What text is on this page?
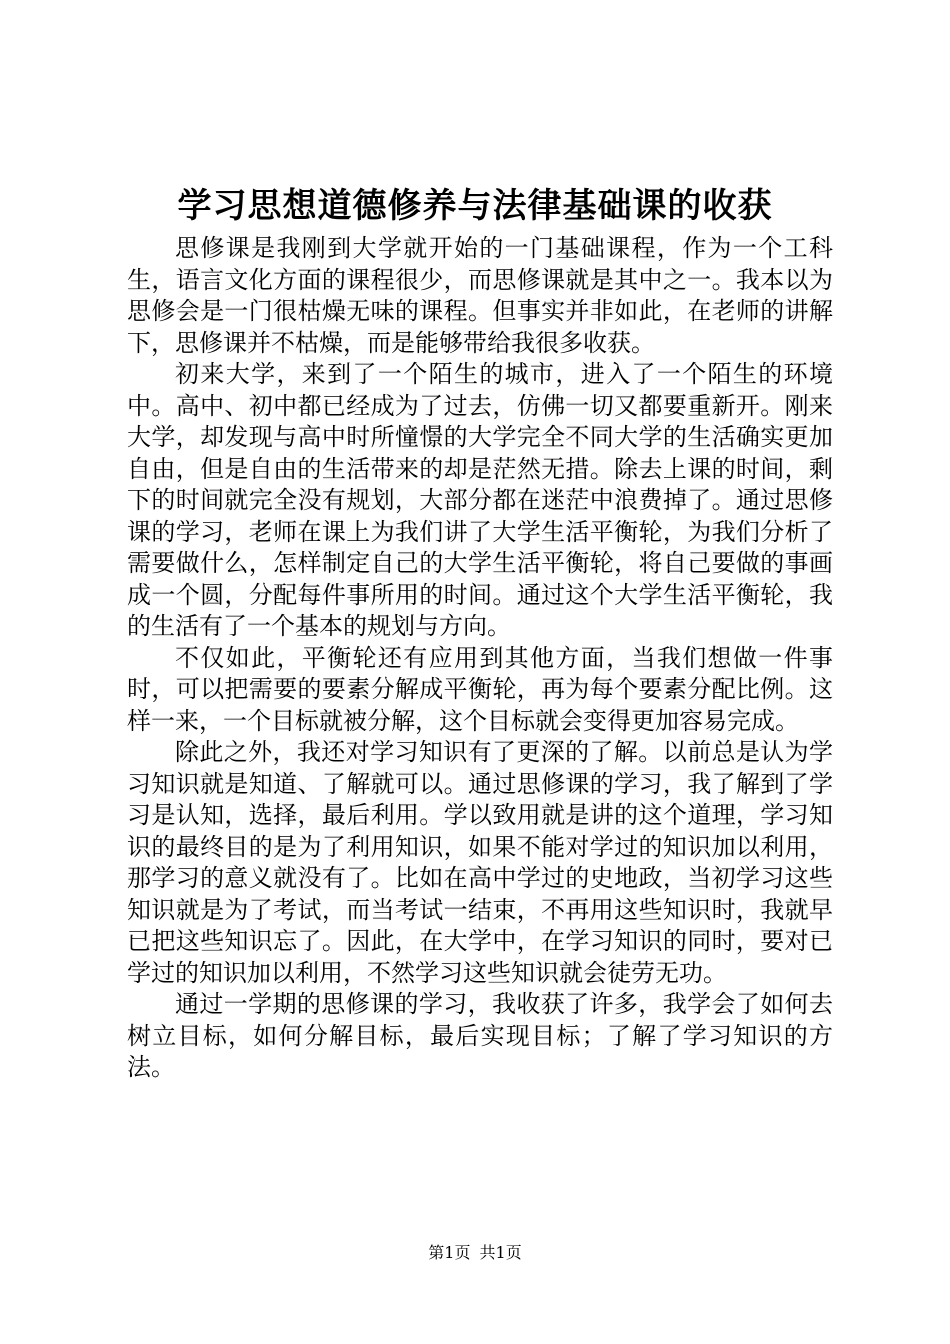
学习思想道德修养与法律基础课的收获

思修课是我刚到大学就开始的一门基础课程，作为一个工科生，语言文化方面的课程很少，而思修课就是其中之一。我本以为思修会是一门很枯燥无味的课程。但事实并非如此，在老师的讲解下，思修课并不枯燥，而是能够带给我很多收获。

初来大学，来到了一个陌生的城市，进入了一个陌生的环境中。高中、初中都已经成为了过去，仿佛一切又都要重新开。刚来大学，却发现与高中时所憧憬的大学完全不同大学的生活确实更加自由，但是自由的生活带来的却是茫然无措。除去上课的时间，剩下的时间就完全没有规划，大部分都在迷茫中浪费掉了。通过思修课的学习，老师在课上为我们讲了大学生活平衡轮，为我们分析了需要做什么，怎样制定自己的大学生活平衡轮，将自己要做的事画成一个圆，分配每件事所用的时间。通过这个大学生活平衡轮，我的生活有了一个基本的规划与方向。

不仅如此，平衡轮还有应用到其他方面，当我们想做一件事时，可以把需要的要素分解成平衡轮，再为每个要素分配比例。这样一来，一个目标就被分解，这个目标就会变得更加容易完成。

除此之外，我还对学习知识有了更深的了解。以前总是认为学习知识就是知道、了解就可以。通过思修课的学习，我了解到了学习是认知，选择，最后利用。学以致用就是讲的这个道理，学习知识的最终目的是为了利用知识，如果不能对学过的知识加以利用，那学习的意义就没有了。比如在高中学过的史地政，当初学习这些知识就是为了考试，而当考试一结束，不再用这些知识时，我就早已把这些知识忘了。因此，在大学中，在学习知识的同时，要对已学过的知识加以利用，不然学习这些知识就会徒劳无功。

通过一学期的思修课的学习，我收获了许多，我学会了如何去树立目标，如何分解目标，最后实现目标；了解了学习知识的方法。

第1页 共1页
